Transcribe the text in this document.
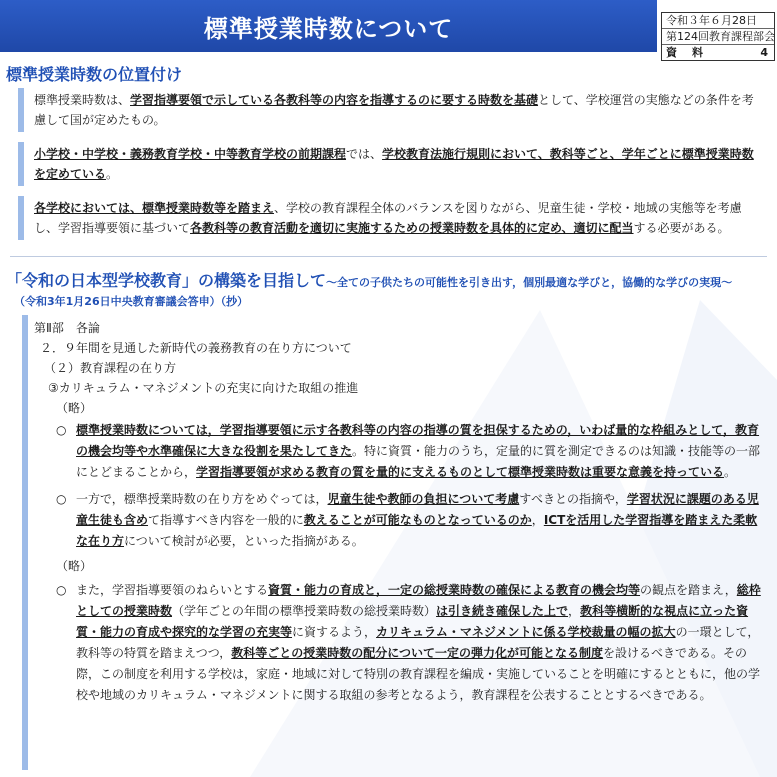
標準授業時数について	令和３年６月28日
第124回教育課程部会
資　料	4
標準授業時数の位置付け
標準授業時数は、学習指導要領で示している各教科等の内容を指導するのに要する時数を基礎として、学校運営の実態などの条件を考慮して国が定めたもの。
小学校・中学校・義務教育学校・中等教育学校の前期課程では、学校教育法施行規則において、教科等ごと、学年ごとに標準授業時数を定めている。
各学校においては、標準授業時数等を踏まえ、学校の教育課程全体のバランスを図りながら、児童生徒・学校・地域の実態等を考慮し、学習指導要領に基づいて各教科等の教育活動を適切に実施するための授業時数を具体的に定め、適切に配当する必要がある。
「令和の日本型学校教育」の構築を目指して～全ての子供たちの可能性を引き出す，個別最適な学びと，協働的な学びの実現～
（令和3年1月26日中央教育審議会答申）（抄）
第Ⅱ部　各論
２．９年間を見通した新時代の義務教育の在り方について
（２）教育課程の在り方
③カリキュラム・マネジメントの充実に向けた取組の推進
（略）
○ 標準授業時数については，学習指導要領に示す各教科等の内容の指導の質を担保するための，いわば量的な枠組みとして，教育の機会均等や水準確保に大きな役割を果たしてきた。特に資質・能力のうち，定量的に質を測定できるのは知識・技能等の一部にとどまることから，学習指導要領が求める教育の質を量的に支えるものとして標準授業時数は重要な意義を持っている。
○ 一方で，標準授業時数の在り方をめぐっては，児童生徒や教師の負担について考慮すべきとの指摘や，学習状況に課題のある児童生徒も含めて指導すべき内容を一般的に教えることが可能なものとなっているのか，ICTを活用した学習指導を踏まえた柔軟な在り方について検討が必要，といった指摘がある。
（略）
○ また，学習指導要領のねらいとする資質・能力の育成と，一定の総授業時数の確保による教育の機会均等の観点を踏まえ，総枠としての授業時数（学年ごとの年間の標準授業時数の総授業時数）は引き続き確保した上で，教科等横断的な視点に立った資質・能力の育成や探究的な学習の充実等に資するよう，カリキュラム・マネジメントに係る学校裁量の幅の拡大の一環として，教科等の特質を踏まえつつ，教科等ごとの授業時数の配分について一定の弾力化が可能となる制度を設けるべきである。その際，この制度を利用する学校は，家庭・地域に対して特別の教育課程を編成・実施していることを明確にするとともに，他の学校や地域のカリキュラム・マネジメントに関する取組の参考となるよう，教育課程を公表することとするべきである。
